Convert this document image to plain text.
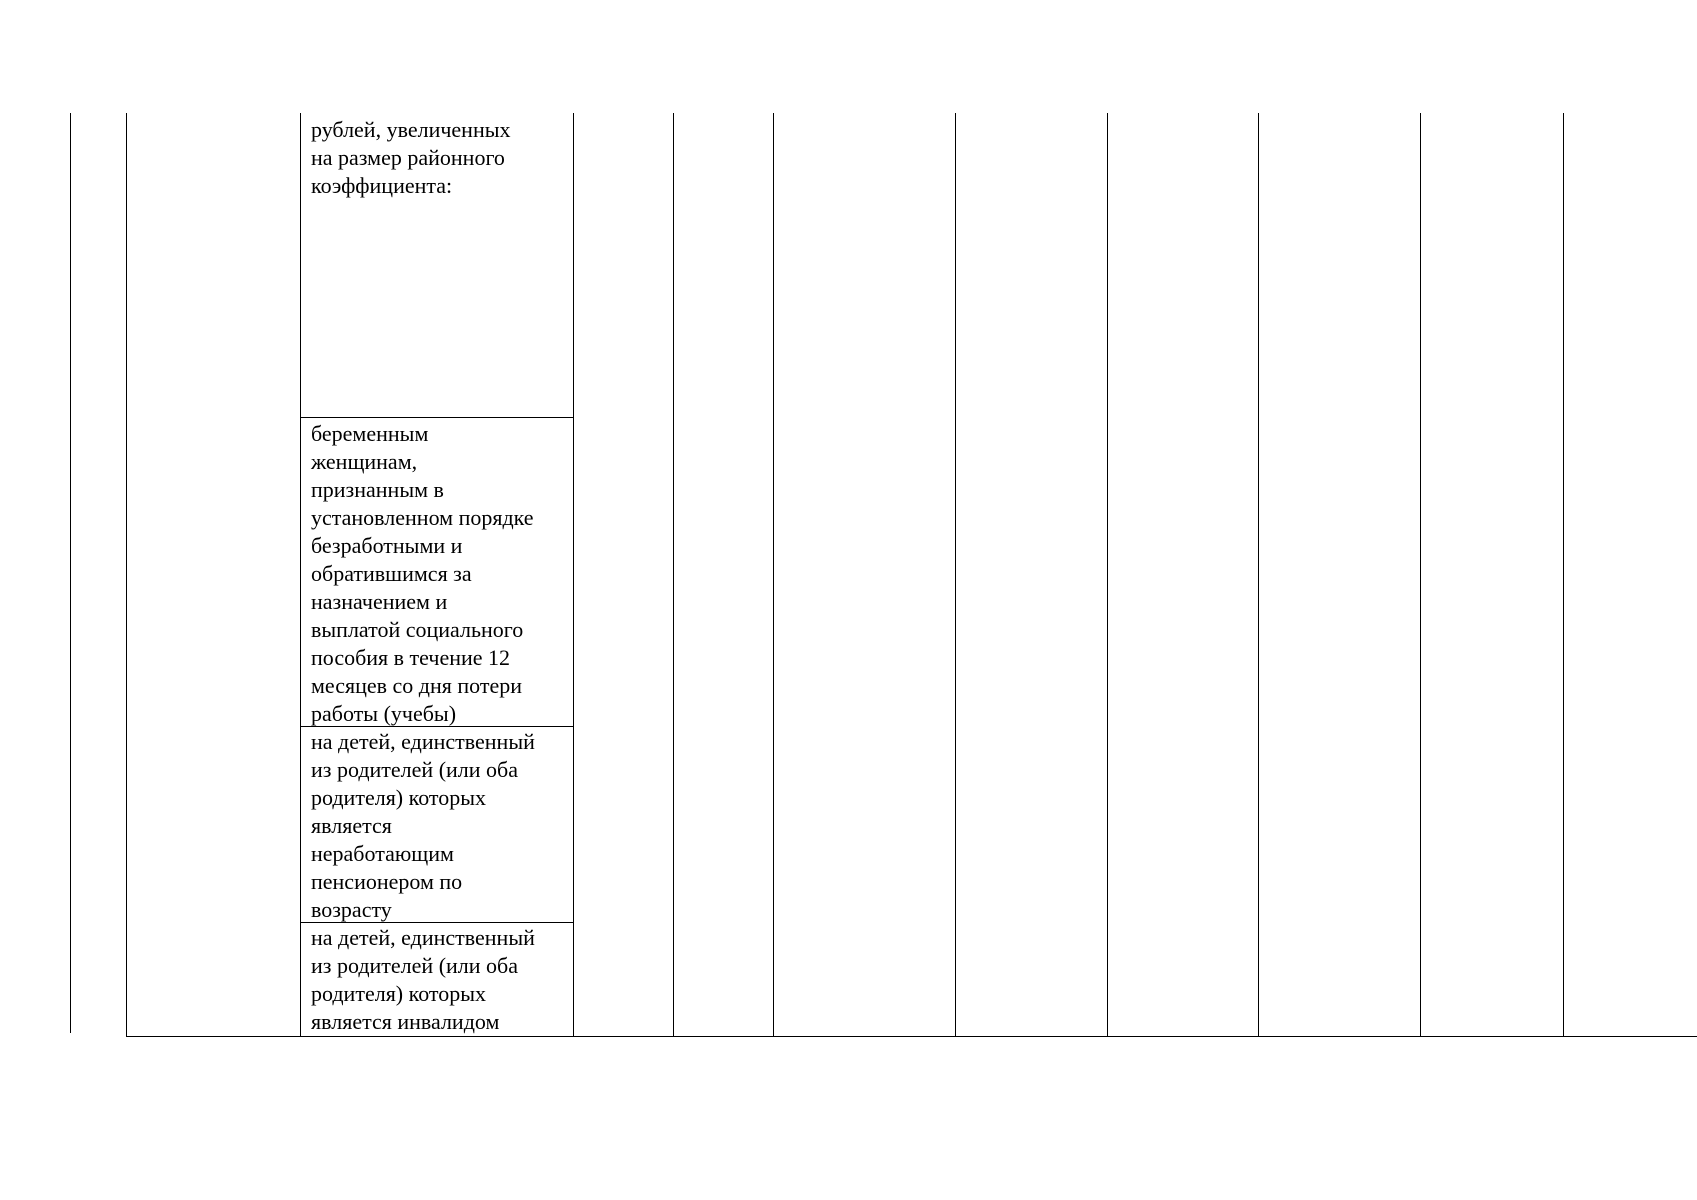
рублей, увеличенных
на размер районного
коэффициента:

беременным
женщинам,
признанным в
установленном порядке
безработными и
обратившимся за
назначением и
выплатой социального
пособия в течение 12
месяцев со дня потери
работы (учебы)

на детей, единственный
из родителей (или оба
родителя) которых
является
неработающим
пенсионером по
возрасту

на детей, единственный
из родителей (или оба
родителя) которых
является инвалидом
